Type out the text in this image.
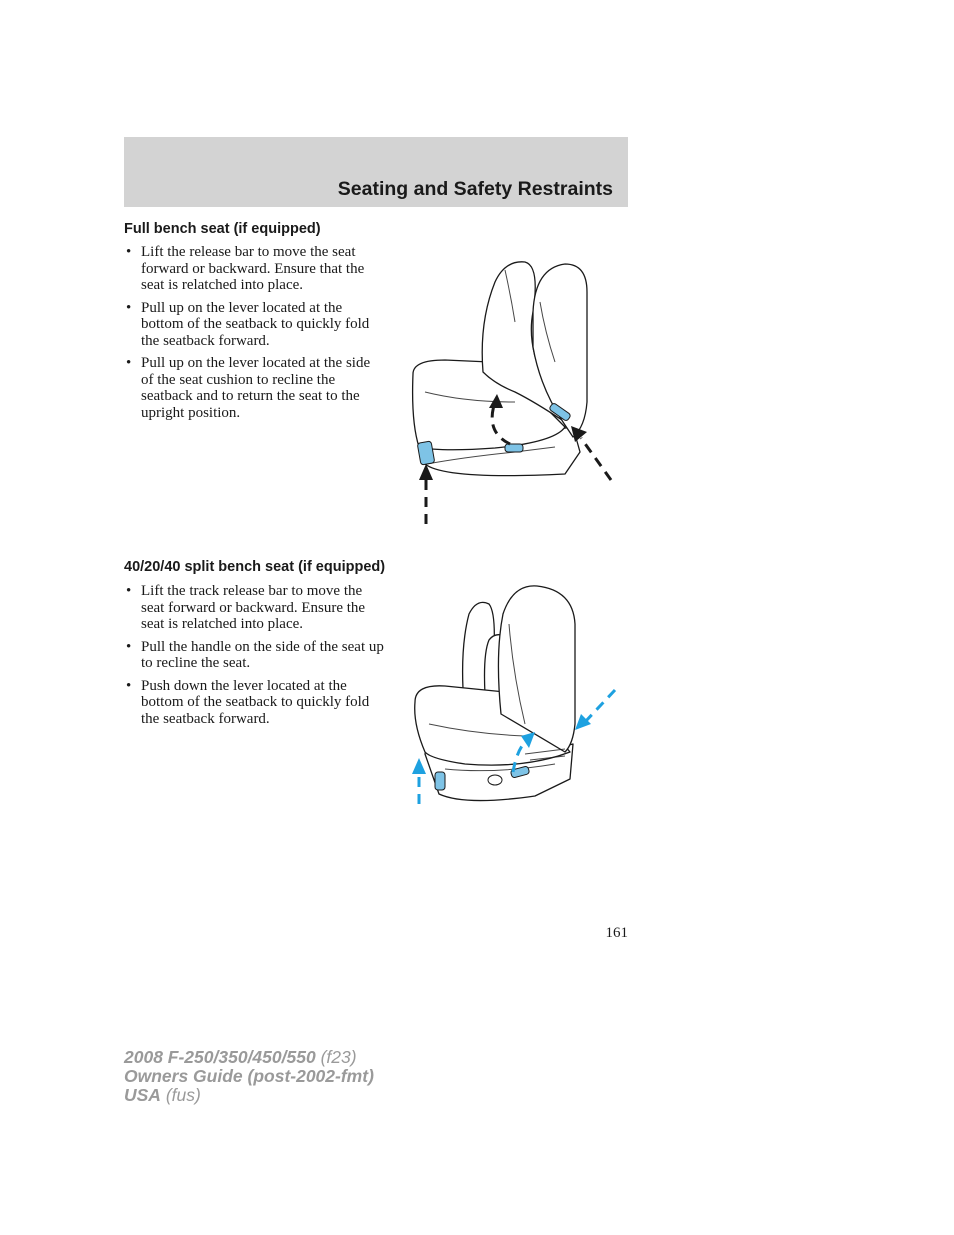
Seating and Safety Restraints
Full bench seat (if equipped)
• Lift the release bar to move the seat forward or backward. Ensure that the seat is relatched into place.
• Pull up on the lever located at the bottom of the seatback to quickly fold the seatback forward.
• Pull up on the lever located at the side of the seat cushion to recline the seatback and to return the seat to the upright position.
40/20/40 split bench seat (if equipped)
• Lift the track release bar to move the seat forward or backward. Ensure the seat is relatched into place.
• Pull the handle on the side of the seat up to recline the seat.
• Push down the lever located at the bottom of the seatback to quickly fold the seatback forward.
161
2008 F-250/350/450/550 (f23)
Owners Guide (post-2002-fmt)
USA (fus)
